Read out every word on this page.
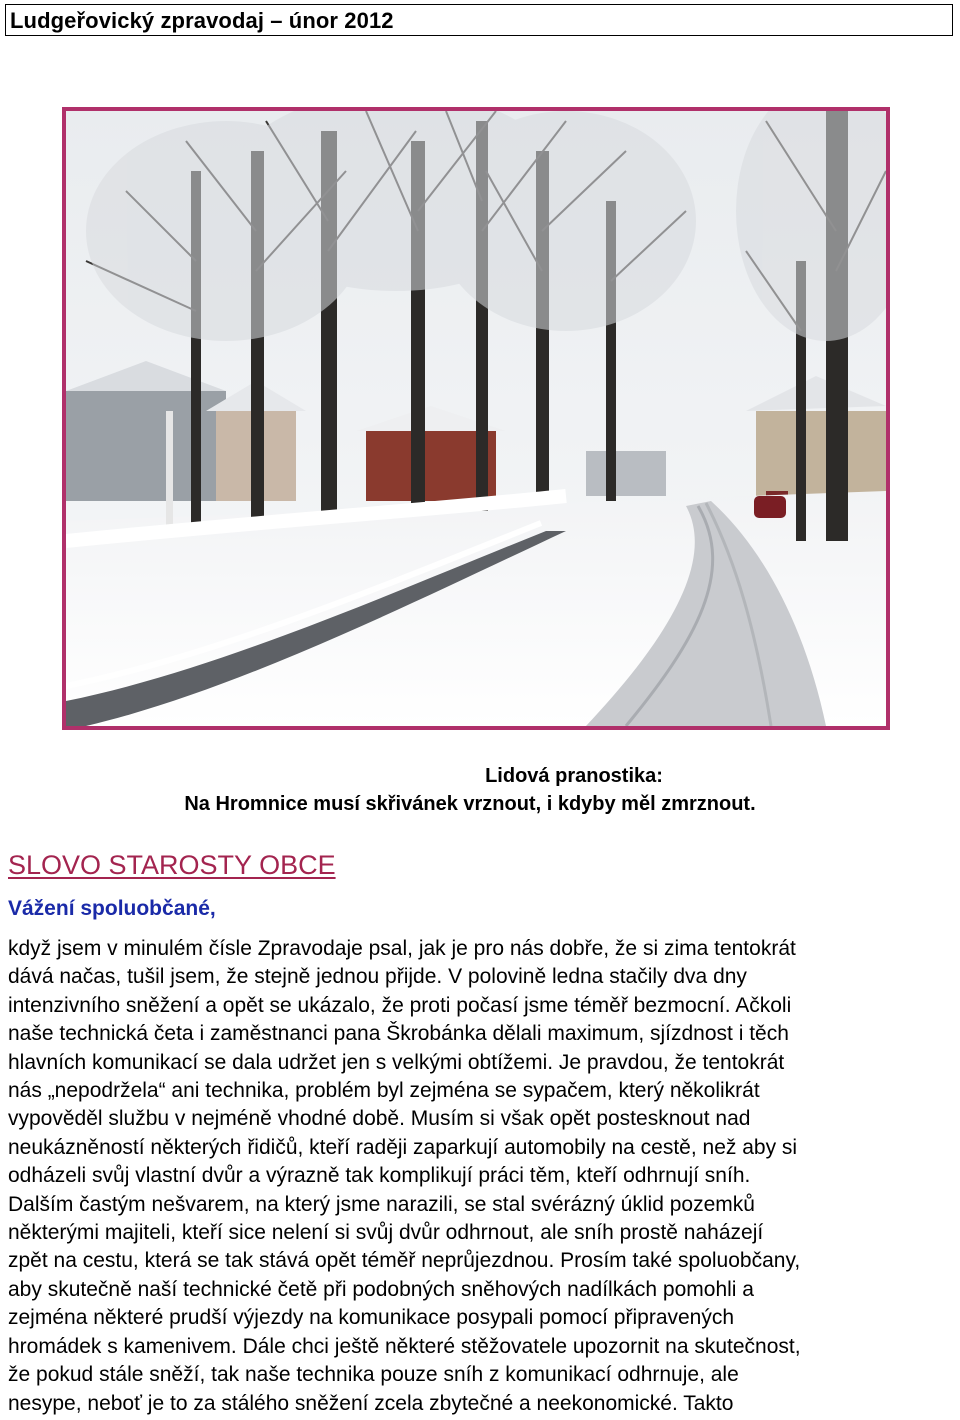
Ludgeřovický zpravodaj – únor 2012
Lidová pranostika:
Na Hromnice musí skřivánek vrznout, i kdyby měl zmrznout.
SLOVO STAROSTY OBCE
Vážení spoluobčané,

když jsem v minulém čísle Zpravodaje psal, jak je pro nás dobře, že si zima tentokrát
dává načas, tušil jsem, že stejně jednou přijde. V polovině ledna stačily dva dny
intenzivního sněžení a opět se ukázalo, že proti počasí jsme téměř bezmocní. Ačkoli
naše technická četa i zaměstnanci pana Škrobánka dělali maximum, sjízdnost i těch
hlavních komunikací se dala udržet jen s velkými obtížemi. Je pravdou, že tentokrát
nás „nepodržela“ ani technika, problém byl zejména se sypačem, který několikrát
vypověděl službu v nejméně vhodné době. Musím si však opět postesknout nad
neukázněností některých řidičů, kteří raději zaparkují automobily na cestě, než aby si
odházeli svůj vlastní dvůr a výrazně tak komplikují práci těm, kteří odhrnují sníh.
Dalším častým nešvarem, na který jsme narazili, se stal svérázný úklid pozemků
některými majiteli, kteří sice nelení si svůj dvůr odhrnout, ale sníh prostě naházejí
zpět na cestu, která se tak stává opět téměř neprůjezdnou. Prosím také spoluobčany,
aby skutečně naší technické četě při podobných sněhových nadílkách pomohli a
zejména některé prudší výjezdy na komunikace posypali pomocí připravených
hromádek s kamenivem. Dále chci ještě některé stěžovatele upozornit na skutečnost,
že pokud stále sněží, tak naše technika pouze sníh z komunikací odhrnuje, ale
nesype, neboť je to za stálého sněžení zcela zbytečné a neekonomické. Takto
